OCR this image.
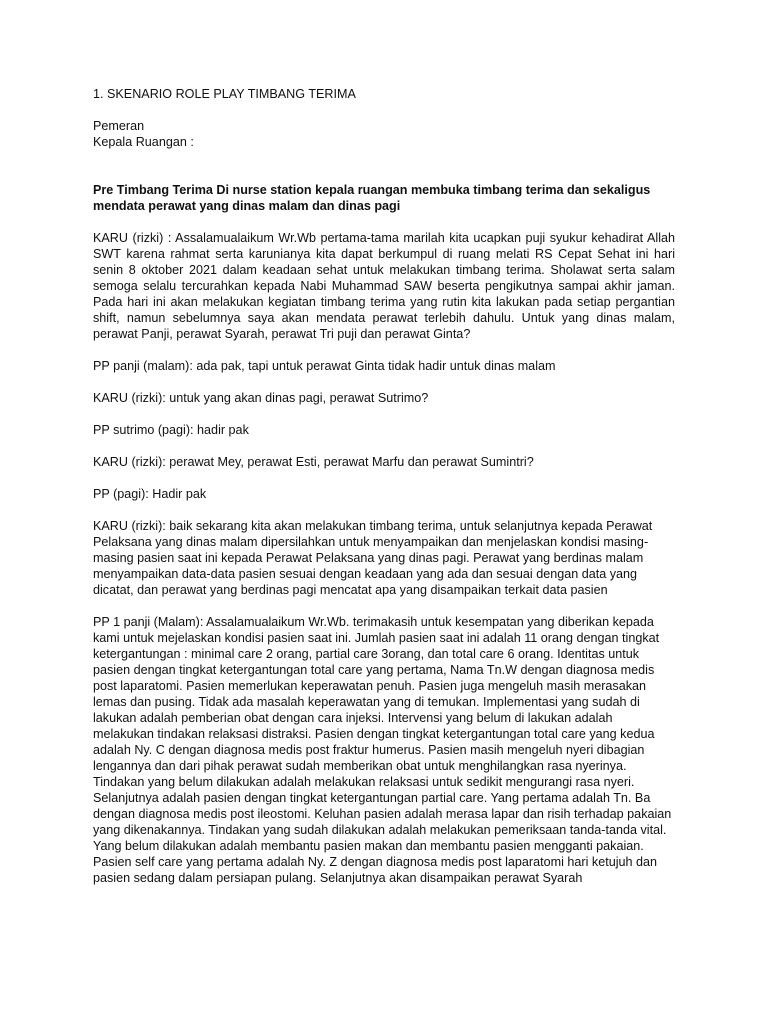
1. SKENARIO ROLE PLAY TIMBANG TERIMA

Pemeran

Kepala Ruangan :

Pre Timbang Terima Di nurse station kepala ruangan membuka timbang terima dan sekaligus mendata perawat yang dinas malam dan dinas pagi

KARU (rizki) : Assalamualaikum Wr.Wb pertama-tama marilah kita ucapkan puji syukur kehadirat Allah SWT karena rahmat serta karunianya kita dapat berkumpul di ruang melati RS Cepat Sehat ini hari senin 8 oktober 2021 dalam keadaan sehat untuk melakukan timbang terima. Sholawat serta salam semoga selalu tercurahkan kepada Nabi Muhammad SAW beserta pengikutnya sampai akhir jaman. Pada hari ini akan melakukan kegiatan timbang terima yang rutin kita lakukan pada setiap pergantian shift, namun sebelumnya saya akan mendata perawat terlebih dahulu. Untuk yang dinas malam, perawat Panji, perawat Syarah, perawat Tri puji dan perawat Ginta?

PP panji (malam): ada pak, tapi untuk perawat Ginta tidak hadir untuk dinas malam

KARU (rizki): untuk yang akan dinas pagi, perawat Sutrimo?

PP sutrimo (pagi): hadir pak

KARU (rizki): perawat Mey, perawat Esti, perawat Marfu dan perawat Sumintri?

PP (pagi): Hadir pak

KARU (rizki): baik sekarang kita akan melakukan timbang terima, untuk selanjutnya kepada Perawat Pelaksana yang dinas malam dipersilahkan untuk menyampaikan dan menjelaskan kondisi masing-masing pasien saat ini kepada Perawat Pelaksana yang dinas pagi. Perawat yang berdinas malam menyampaikan data-data pasien sesuai dengan keadaan yang ada dan sesuai dengan data yang dicatat, dan perawat yang berdinas pagi mencatat apa yang disampaikan terkait data pasien

PP 1 panji (Malam): Assalamualaikum Wr.Wb. terimakasih untuk kesempatan yang diberikan kepada kami untuk mejelaskan kondisi pasien saat ini. Jumlah pasien saat ini adalah 11 orang dengan tingkat ketergantungan : minimal care 2 orang, partial care 3orang, dan total care 6 orang. Identitas untuk pasien dengan tingkat ketergantungan total care yang pertama, Nama Tn.W dengan diagnosa medis post laparatomi. Pasien memerlukan keperawatan penuh. Pasien juga mengeluh masih merasakan lemas dan pusing. Tidak ada masalah keperawatan yang di temukan. Implementasi yang sudah di lakukan adalah pemberian obat dengan cara injeksi. Intervensi yang belum di lakukan adalah melakukan tindakan relaksasi distraksi. Pasien dengan tingkat ketergantungan total care yang kedua adalah Ny. C dengan diagnosa medis post fraktur humerus. Pasien masih mengeluh nyeri dibagian lengannya dan dari pihak perawat sudah memberikan obat untuk menghilangkan rasa nyerinya. Tindakan yang belum dilakukan adalah melakukan relaksasi untuk sedikit mengurangi rasa nyeri. Selanjutnya adalah pasien dengan tingkat ketergantungan partial care. Yang pertama adalah Tn. Ba dengan diagnosa medis post ileostomi. Keluhan pasien adalah merasa lapar dan risih terhadap pakaian yang dikenakannya. Tindakan yang sudah dilakukan adalah melakukan pemeriksaan tanda-tanda vital. Yang belum dilakukan adalah membantu pasien makan dan membantu pasien mengganti pakaian. Pasien self care yang pertama adalah Ny. Z dengan diagnosa medis post laparatomi hari ketujuh dan pasien sedang dalam persiapan pulang. Selanjutnya akan disampaikan perawat Syarah
